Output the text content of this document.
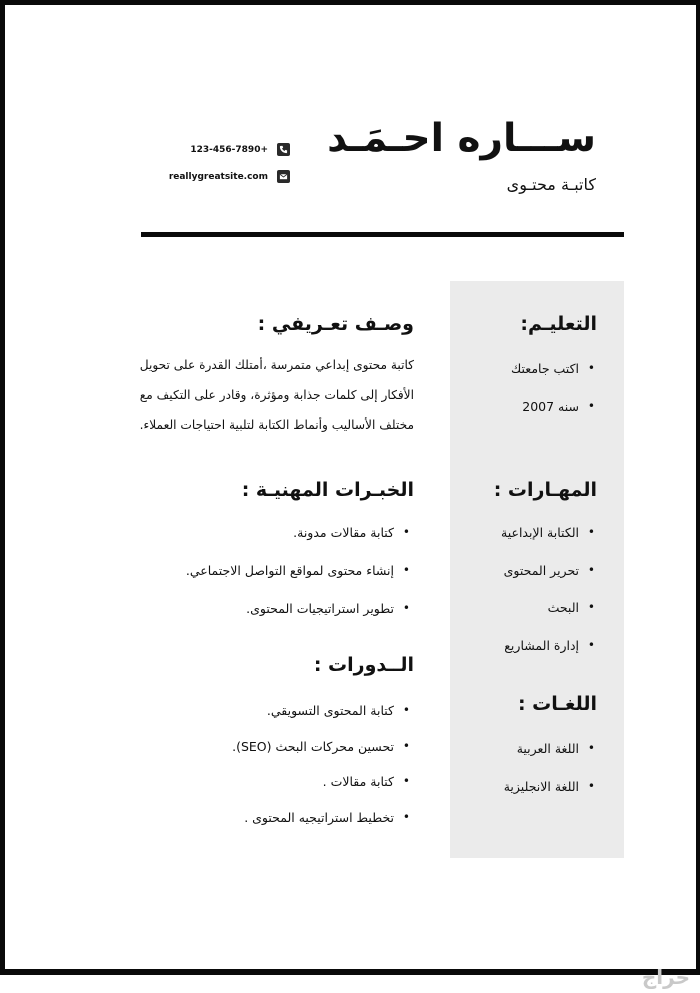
ســـاره احـمَـد
كاتبـة محتـوى
123-456-7890+
reallygreatsite.com
التعليـم:
• اكتب جامعتك
• سنه 2007
المهـارات :
• الكتابة الإبداعية
• تحرير المحتوى
• البحث
• إدارة المشاريع
اللغـات :
• اللغة العربية
• اللغة الانجليزية
وصـف تعـريفي :
كاتبة محتوى إبداعي متمرسة ،أمتلك القدرة على تحويل الأفكار إلى كلمات جذابة ومؤثرة، وقادر على التكيف مع مختلف الأساليب وأنماط الكتابة لتلبية احتياجات العملاء.
الخبـرات المهنيـة :
• كتابة مقالات مدونة.
• إنشاء محتوى لمواقع التواصل الاجتماعي.
• تطوير استراتيجيات المحتوى.
الــدورات :
• كتابة المحتوى التسويقي.
• تحسين محركات البحث (SEO).
• كتابة مقالات .
• تخطيط استراتيجيه المحتوى .
حراج
